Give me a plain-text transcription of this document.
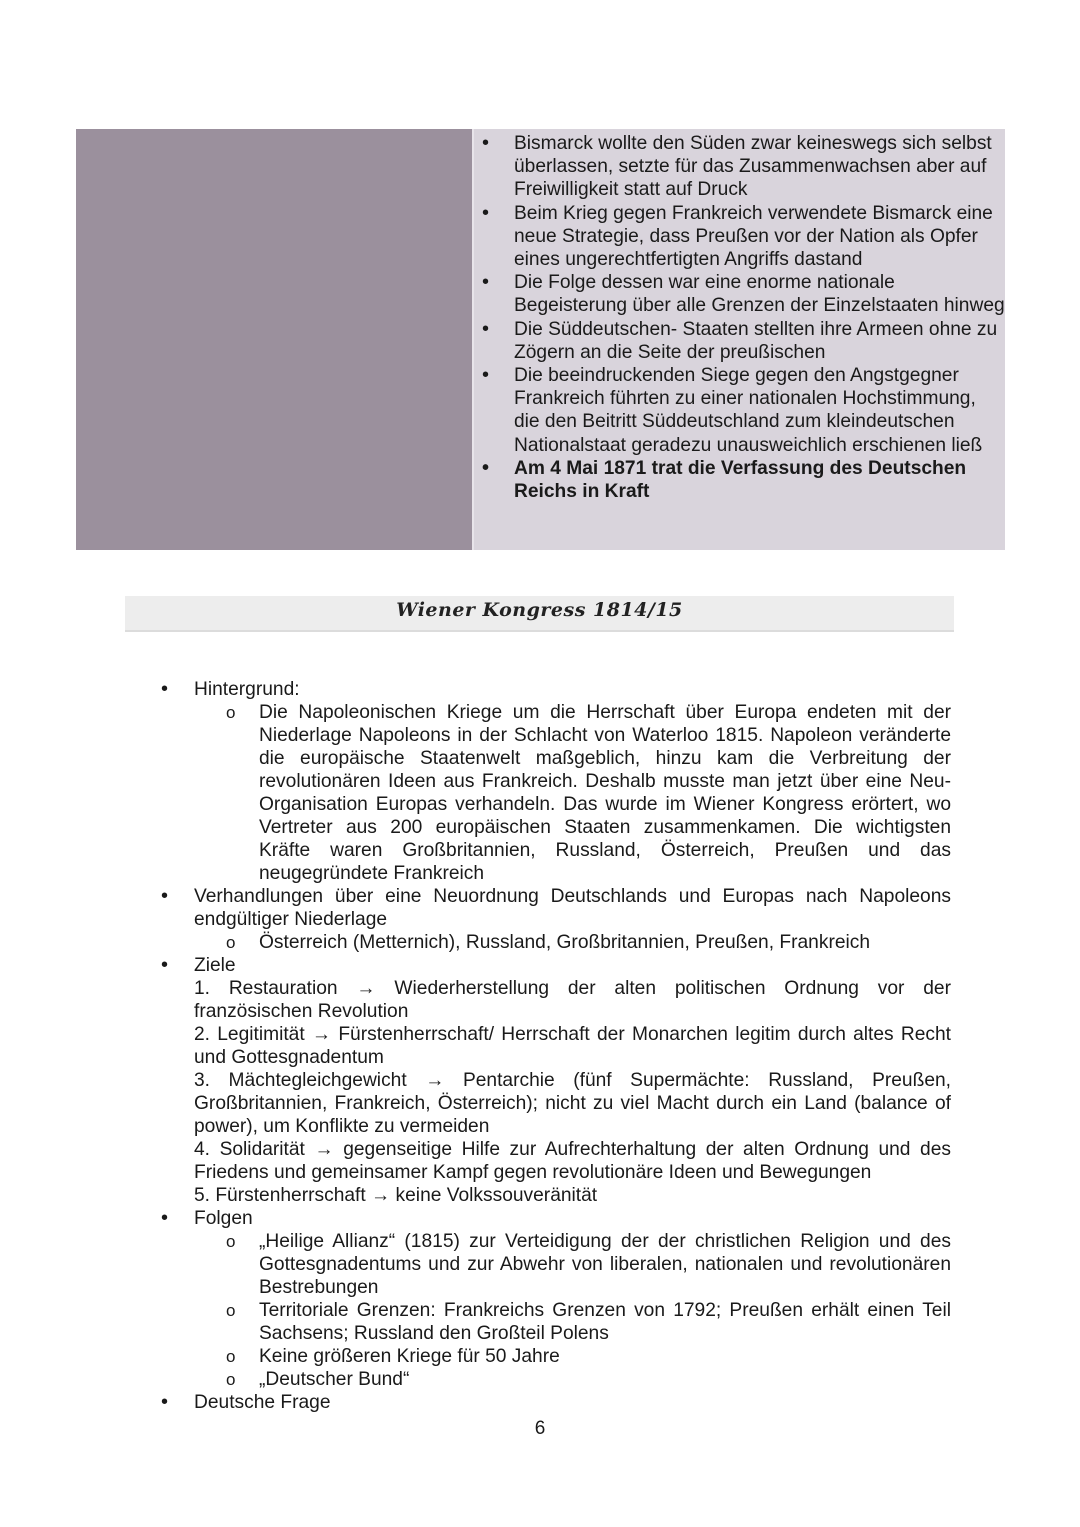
• Bismarck wollte den Süden zwar keineswegs sich selbst überlassen, setzte für das Zusammenwachsen aber auf Freiwilligkeit statt auf Druck
• Beim Krieg gegen Frankreich verwendete Bismarck eine neue Strategie, dass Preußen vor der Nation als Opfer eines ungerechtfertigten Angriffs dastand
• Die Folge dessen war eine enorme nationale Begeisterung über alle Grenzen der Einzelstaaten hinweg
• Die Süddeutschen- Staaten stellten ihre Armeen ohne zu Zögern an die Seite der preußischen
• Die beeindruckenden Siege gegen den Angstgegner Frankreich führten zu einer nationalen Hochstimmung, die den Beitritt Süddeutschland zum kleindeutschen Nationalstaat geradezu unausweichlich erschienen ließ
• Am 4 Mai 1871 trat die Verfassung des Deutschen Reichs in Kraft
Wiener Kongress 1814/15
• Hintergrund:
o Die Napoleonischen Kriege um die Herrschaft über Europa endeten mit der Niederlage Napoleons in der Schlacht von Waterloo 1815. Napoleon veränderte die europäische Staatenwelt maßgeblich, hinzu kam die Verbreitung der revolutionären Ideen aus Frankreich. Deshalb musste man jetzt über eine Neu- Organisation Europas verhandeln. Das wurde im Wiener Kongress erörtert, wo Vertreter aus 200 europäischen Staaten zusammenkamen. Die wichtigsten Kräfte waren Großbritannien, Russland, Österreich, Preußen und das neugegründete Frankreich
• Verhandlungen über eine Neuordnung Deutschlands und Europas nach Napoleons endgültiger Niederlage
o Österreich (Metternich), Russland, Großbritannien, Preußen, Frankreich
• Ziele
1. Restauration → Wiederherstellung der alten politischen Ordnung vor der französischen Revolution
2. Legitimität → Fürstenherrschaft/ Herrschaft der Monarchen legitim durch altes Recht und Gottesgnadentum
3. Mächtegleichgewicht → Pentarchie (fünf Supermächte: Russland, Preußen, Großbritannien, Frankreich, Österreich); nicht zu viel Macht durch ein Land (balance of power), um Konflikte zu vermeiden
4. Solidarität → gegenseitige Hilfe zur Aufrechterhaltung der alten Ordnung und des Friedens und gemeinsamer Kampf gegen revolutionäre Ideen und Bewegungen
5. Fürstenherrschaft → keine Volkssouveränität
• Folgen
o „Heilige Allianz“ (1815) zur Verteidigung der der christlichen Religion und des Gottesgnadentums und zur Abwehr von liberalen, nationalen und revolutionären Bestrebungen
o Territoriale Grenzen: Frankreichs Grenzen von 1792; Preußen erhält einen Teil Sachsens; Russland den Großteil Polens
o Keine größeren Kriege für 50 Jahre
o „Deutscher Bund“
• Deutsche Frage
6
